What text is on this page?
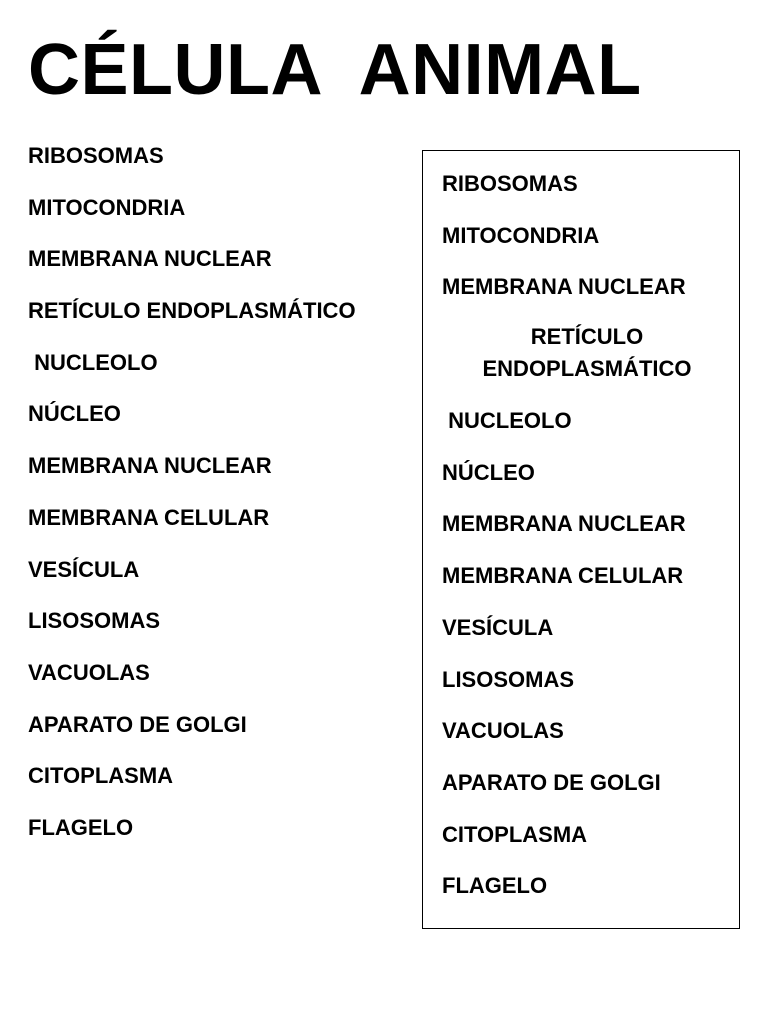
CÉLULA  ANIMAL
RIBOSOMAS
MITOCONDRIA
MEMBRANA NUCLEAR
RETÍCULO ENDOPLASMÁTICO
NUCLEOLO
NÚCLEO
MEMBRANA NUCLEAR
MEMBRANA CELULAR
VESÍCULA
LISOSOMAS
VACUOLAS
APARATO DE GOLGI
CITOPLASMA
FLAGELO
RIBOSOMAS
MITOCONDRIA
MEMBRANA NUCLEAR
RETÍCULO ENDOPLASMÁTICO
NUCLEOLO
NÚCLEO
MEMBRANA NUCLEAR
MEMBRANA CELULAR
VESÍCULA
LISOSOMAS
VACUOLAS
APARATO DE GOLGI
CITOPLASMA
FLAGELO
